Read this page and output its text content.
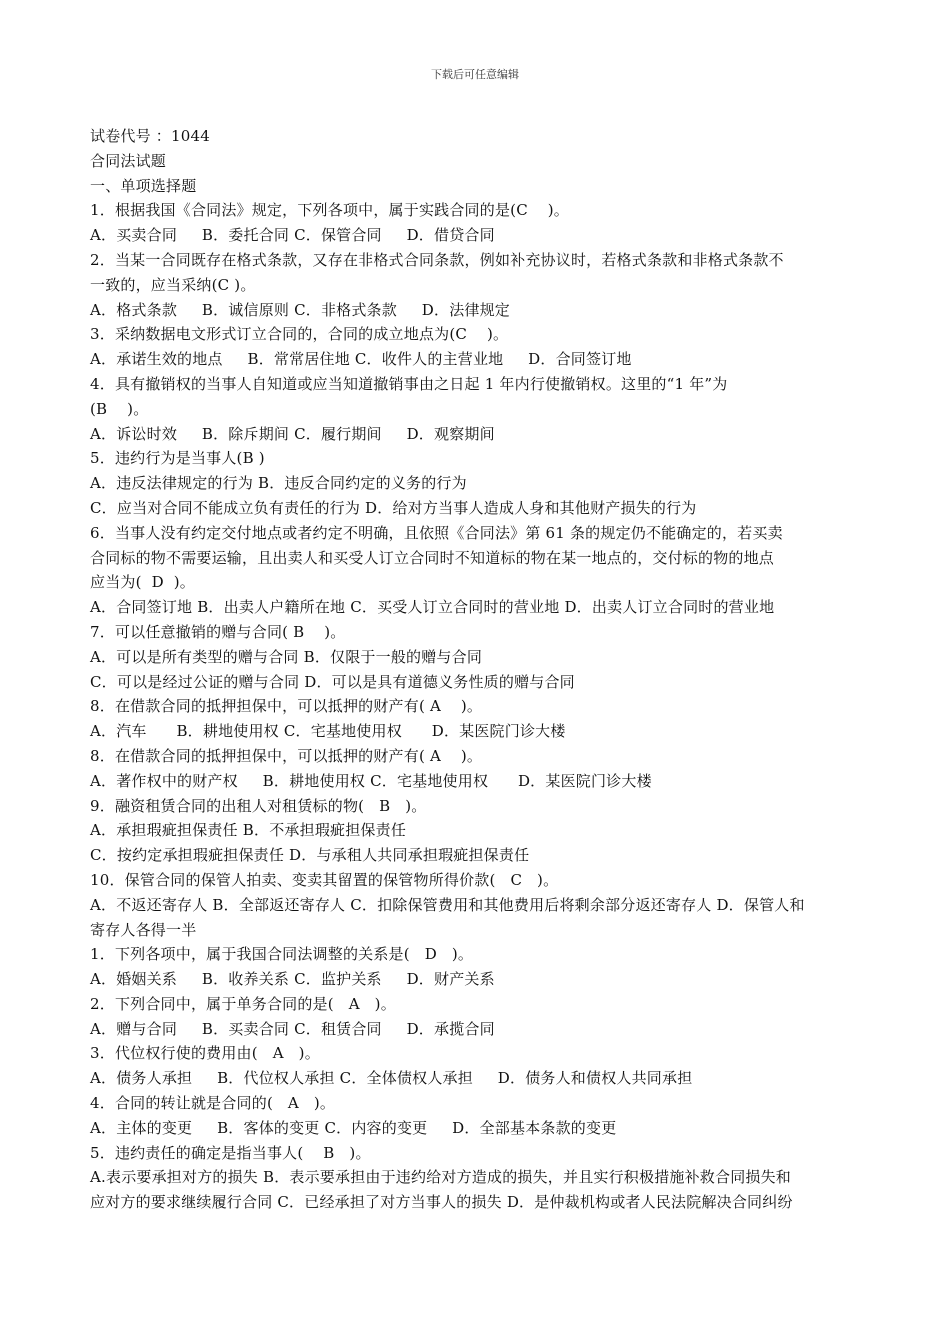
下载后可任意编辑
试卷代号 ：1044
合同法试题
一、单项选择题
1．根据我国《合同法》规定，下列各项中，属于实践合同的是(C    )。
A．买卖合同     B．委托合同 C．保管合同     D．借贷合同
2．当某一合同既存在格式条款，又存在非格式合同条款，例如补充协议时，若格式条款和非格式条款不
一致的，应当采纳(C )。
A．格式条款     B．诚信原则 C．非格式条款     D．法律规定
3．采纳数据电文形式订立合同的，合同的成立地点为(C    )。
A．承诺生效的地点     B．常常居住地 C．收件人的主营业地     D．合同签订地
4．具有撤销权的当事人自知道或应当知道撤销事由之日起 1 年内行使撤销权。这里的“1 年”为
(B    )。
A．诉讼时效     B．除斥期间 C．履行期间     D．观察期间
5．违约行为是当事人(B )
A．违反法律规定的行为 B．违反合同约定的义务的行为
C．应当对合同不能成立负有责任的行为 D．给对方当事人造成人身和其他财产损失的行为
6．当事人没有约定交付地点或者约定不明确，且依照《合同法》第 61 条的规定仍不能确定的，若买卖
合同标的物不需要运输，且出卖人和买受人订立合同时不知道标的物在某一地点的，交付标的物的地点
应当为(  D  )。
A．合同签订地 B．出卖人户籍所在地 C．买受人订立合同时的营业地 D．出卖人订立合同时的营业地
7．可以任意撤销的赠与合同( B    )。
A．可以是所有类型的赠与合同 B．仅限于一般的赠与合同
C．可以是经过公证的赠与合同 D．可以是具有道德义务性质的赠与合同
8．在借款合同的抵押担保中，可以抵押的财产有( A    )。
A．汽车      B．耕地使用权 C．宅基地使用权      D．某医院门诊大楼
8．在借款合同的抵押担保中，可以抵押的财产有( A    )。
A．著作权中的财产权     B．耕地使用权 C．宅基地使用权      D．某医院门诊大楼
9．融资租赁合同的出租人对租赁标的物(   B   )。
A．承担瑕疵担保责任 B．不承担瑕疵担保责任
C．按约定承担瑕疵担保责任 D．与承租人共同承担瑕疵担保责任
10．保管合同的保管人拍卖、变卖其留置的保管物所得价款(   C   )。
A．不返还寄存人 B．全部返还寄存人 C．扣除保管费用和其他费用后将剩余部分返还寄存人 D．保管人和
寄存人各得一半
1．下列各项中，属于我国合同法调整的关系是(   D   )。
A．婚姻关系     B．收养关系 C．监护关系     D．财产关系
2．下列合同中，属于单务合同的是(   A   )。
A．赠与合同     B．买卖合同 C．租赁合同     D．承揽合同
3．代位权行使的费用由(   A   )。
A．债务人承担     B．代位权人承担 C．全体债权人承担     D．债务人和债权人共同承担
4．合同的转让就是合同的(   A   )。
A．主体的变更     B．客体的变更 C．内容的变更     D．全部基本条款的变更
5．违约责任的确定是指当事人(    B   )。
A.表示要承担对方的损失 B．表示要承担由于违约给对方造成的损失，并且实行积极措施补救合同损失和
应对方的要求继续履行合同 C．已经承担了对方当事人的损失 D．是仲裁机构或者人民法院解决合同纠纷
